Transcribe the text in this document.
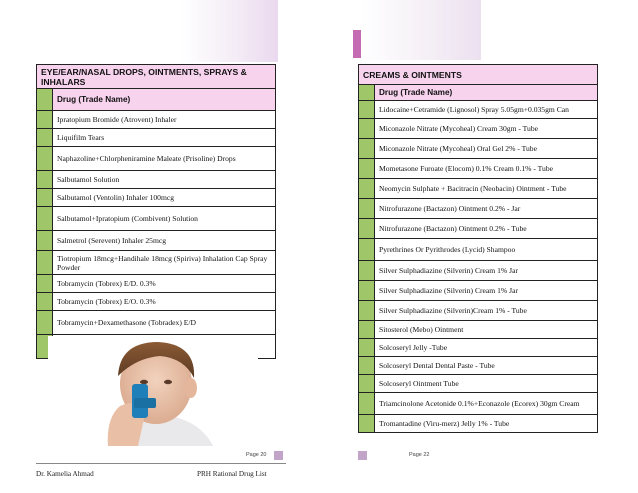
EYE/EAR/NASAL DROPS, OINTMENTS, SPRAYS & INHALARS	
	Drug (Trade Name)
	Ipratopium Bromide (Atrovent) Inhaler
	Liquifilm Tears
	Naphazoline+Chlorpheniramine Maleate (Prisoline) Drops
	Salbutamol Solution
	Salbutamol (Ventolin) Inhaler 100mcg
	Salbutamol+Ipratopium (Combivent) Solution
	Salmetrol (Serevent) Inhaler 25mcg
	Tiotropium 18mcg+Handihale 18mcg (Spiriva) Inhalation Cap Spray Powder
	Tobramycin (Tobrex) E/D. 0.3%
	Tobramycin (Tobrex) E/O. 0.3%
	Tobramycin+Dexamethasone (Tobradex) E/D

CREAMS & OINTMENTS	
	Drug (Trade Name)
	Lidocaine+Cetramide (Lignosol) Spray 5.05gm+0.035gm Can
	Miconazole Nitrate (Mycoheal) Cream 30gm - Tube
	Miconazole Nitrate (Mycoheal) Oral Gel 2% - Tube
	Mometasone Furoate (Elocom) 0.1% Cream 0.1% - Tube
	Neomycin Sulphate + Bacitracin (Neobacin) Ointment - Tube
	Nitrofurazone (Bactazon) Ointment 0.2% - Jar
	Nitrofurazone (Bactazon) Ointment 0.2% - Tube
	Pyrethrines Or Pyrithrodes (Lycid) Shampoo
	Silver Sulphadiazine (Silverin) Cream 1% Jar
	Silver Sulphadiazine (Silverin) Cream 1% Jar
	Silver Sulphadiazine (Silverin)Cream 1% - Tube
	Sitosterol (Mebo) Ointment
	Solcoseryl Jelly -Tube
	Solcoseryl Dental Dental Paste - Tube
	Solcoseryl Ointment Tube
	Triamcinolone Acetonide 0.1%+Econazole (Ecorex) 30gm Cream
	Tromantadine (Viru-merz) Jelly 1% - Tube
Page 20	Page 22
Dr. Kamelia Ahmad	PRH Rational Drug List
